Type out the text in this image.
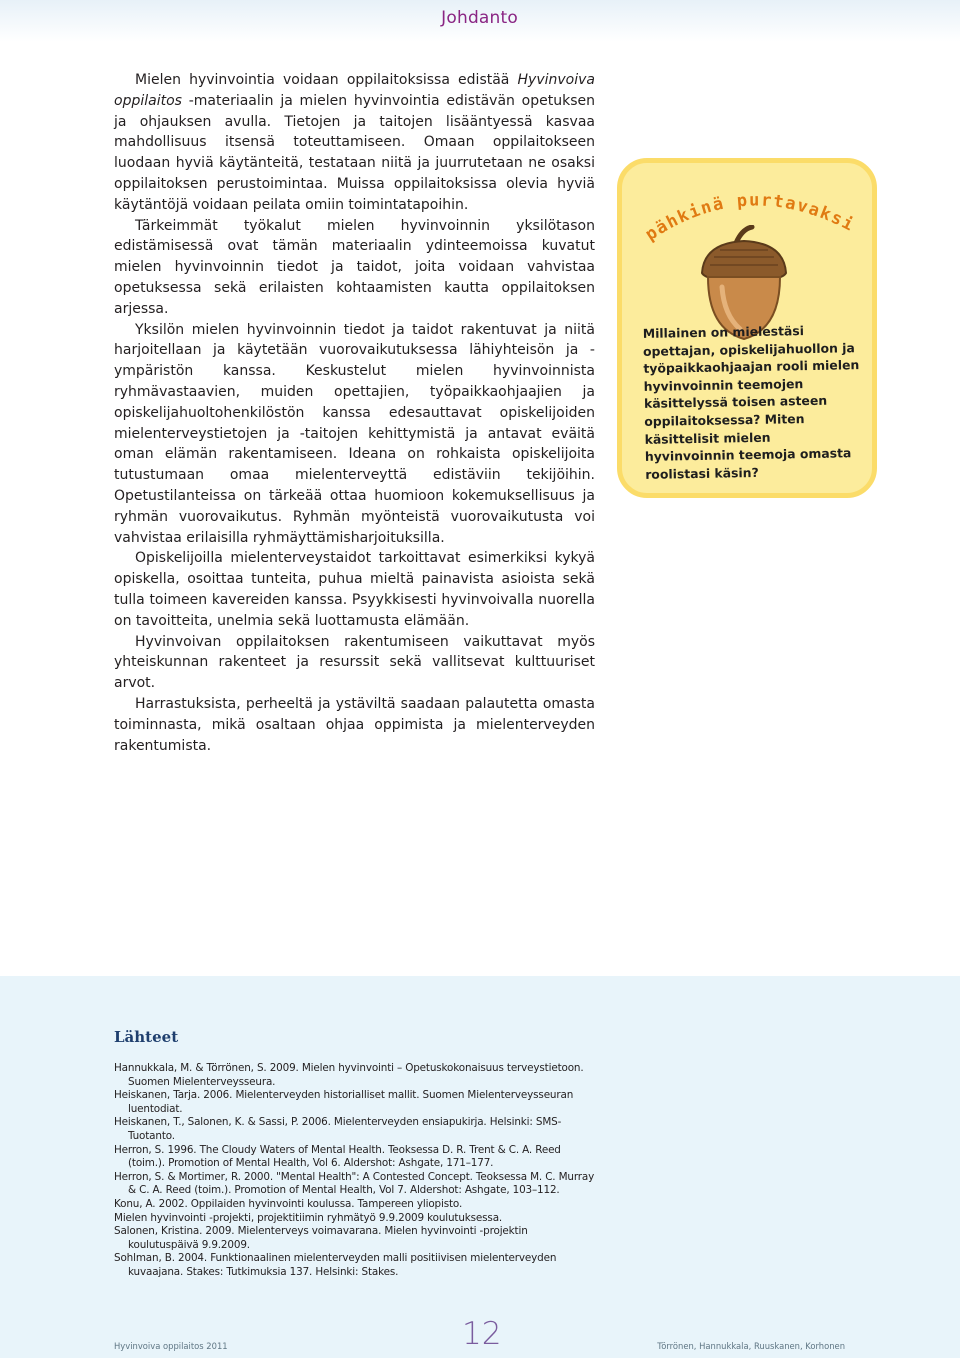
Johdanto

Mielen hyvinvointia voidaan oppilaitoksissa edistää Hyvinvoiva oppilaitos -materiaalin ja mielen hyvinvointia edistävän opetuksen ja ohjauksen avulla. Tietojen ja taitojen lisääntyessä kasvaa mahdollisuus itsensä toteuttamiseen. Omaan oppilaitokseen luodaan hyviä käytänteitä, testataan niitä ja juurrutetaan ne osaksi oppilaitoksen perustoimintaa. Muissa oppilaitoksissa olevia hyviä käytäntöjä voidaan peilata omiin toimintatapoihin.

Tärkeimmät työkalut mielen hyvinvoinnin yksilötason edistämisessä ovat tämän materiaalin ydinteemoissa kuvatut mielen hyvinvoinnin tiedot ja taidot, joita voidaan vahvistaa opetuksessa sekä erilaisten kohtaamisten kautta oppilaitoksen arjessa.

Yksilön mielen hyvinvoinnin tiedot ja taidot rakentuvat ja niitä harjoitellaan ja käytetään vuorovaikutuksessa lähiyhteisön ja -ympäristön kanssa. Keskustelut mielen hyvinvoinnista ryhmävastaavien, muiden opettajien, työpaikkaohjaajien ja opiskelijahuoltohenkilöstön kanssa edesauttavat opiskelijoiden mielenterveystietojen ja -taitojen kehittymistä ja antavat eväitä oman elämän rakentamiseen. Ideana on rohkaista opiskelijoita tutustumaan omaa mielenterveyttä edistäviin tekijöihin. Opetustilanteissa on tärkeää ottaa huomioon kokemuksellisuus ja ryhmän vuorovaikutus. Ryhmän myönteistä vuorovaikutusta voi vahvistaa erilaisilla ryhmäyttämisharjoituksilla.

Opiskelijoilla mielenterveystaidot tarkoittavat esimerkiksi kykyä opiskella, osoittaa tunteita, puhua mieltä painavista asioista sekä tulla toimeen kavereiden kanssa. Psyykkisesti hyvinvoivalla nuorella on tavoitteita, unelmia sekä luottamusta elämään.

Hyvinvoivan oppilaitoksen rakentumiseen vaikuttavat myös yhteiskunnan rakenteet ja resurssit sekä vallitsevat kulttuuriset arvot.

Harrastuksista, perheeltä ja ystäviltä saadaan palautetta omasta toiminnasta, mikä osaltaan ohjaa oppimista ja mielenterveyden rakentumista.

pähkinä purtavaksi
Millainen on mielestäsi opettajan, opiskelijahuollon ja työpaikkaohjaajan rooli mielen hyvinvoinnin teemojen käsittelyssä toisen asteen oppilaitoksessa? Miten käsittelisit mielen hyvinvoinnin teemoja omasta roolistasi käsin?
Lähteet

Hannukkala, M. & Törrönen, S. 2009. Mielen hyvinvointi – Opetuskokonaisuus terveystietoon. Suomen Mielenterveysseura.

Heiskanen, Tarja. 2006. Mielenterveyden historialliset mallit. Suomen Mielenterveysseuran luentodiat.

Heiskanen, T., Salonen, K. & Sassi, P. 2006. Mielenterveyden ensiapukirja. Helsinki: SMS-Tuotanto.

Herron, S. 1996. The Cloudy Waters of Mental Health. Teoksessa D. R. Trent & C. A. Reed (toim.). Promotion of Mental Health, Vol 6. Aldershot: Ashgate, 171–177.

Herron, S. & Mortimer, R. 2000. "Mental Health": A Contested Concept. Teoksessa M. C. Murray & C. A. Reed (toim.). Promotion of Mental Health, Vol 7. Aldershot: Ashgate, 103–112.

Konu, A. 2002. Oppilaiden hyvinvointi koulussa. Tampereen yliopisto.

Mielen hyvinvointi -projekti, projektitiimin ryhmätyö 9.9.2009 koulutuksessa.

Salonen, Kristina. 2009. Mielenterveys voimavarana. Mielen hyvinvointi -projektin koulutuspäivä 9.9.2009.

Sohlman, B. 2004. Funktionaalinen mielenterveyden malli positiivisen mielenterveyden kuvaajana. Stakes: Tutkimuksia 137. Helsinki: Stakes.

Hyvinvoiva oppilaitos 2011	12	Törrönen, Hannukkala, Ruuskanen, Korhonen
